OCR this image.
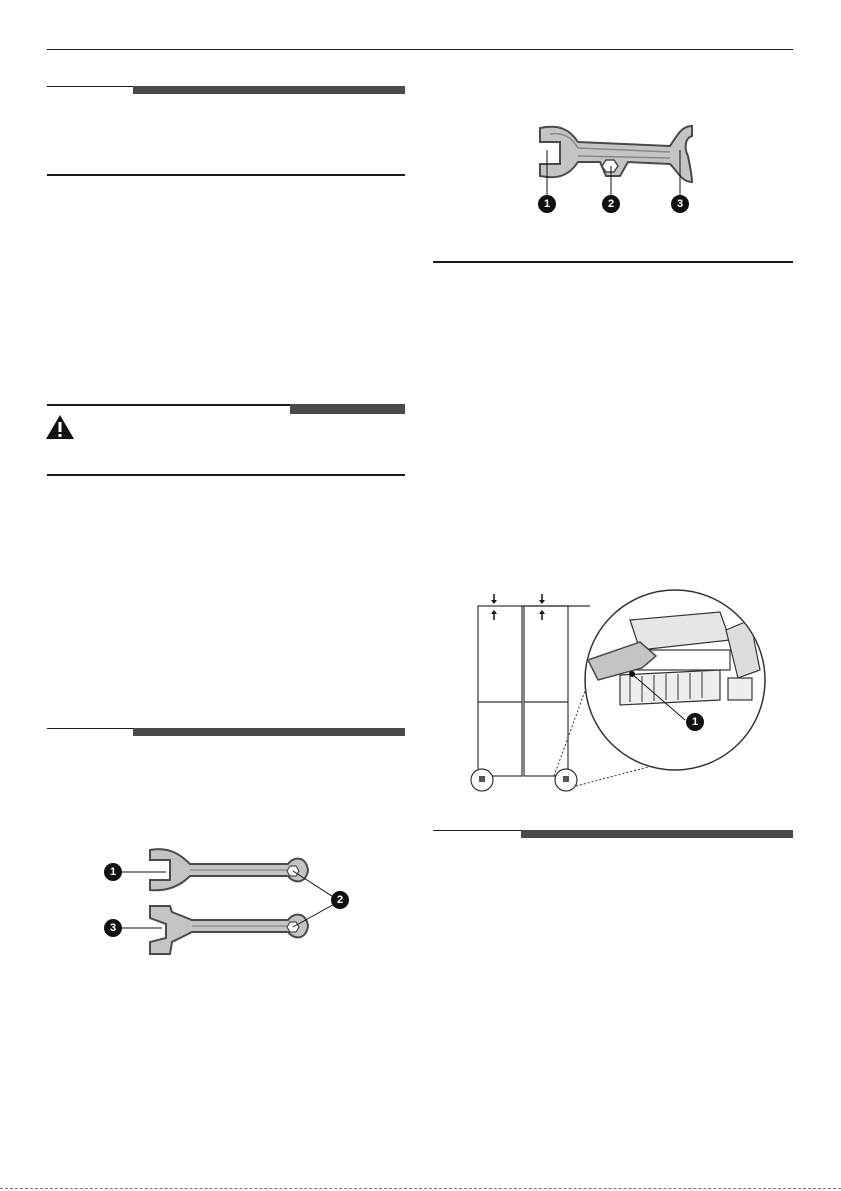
1	2	3
1
1
2
3
